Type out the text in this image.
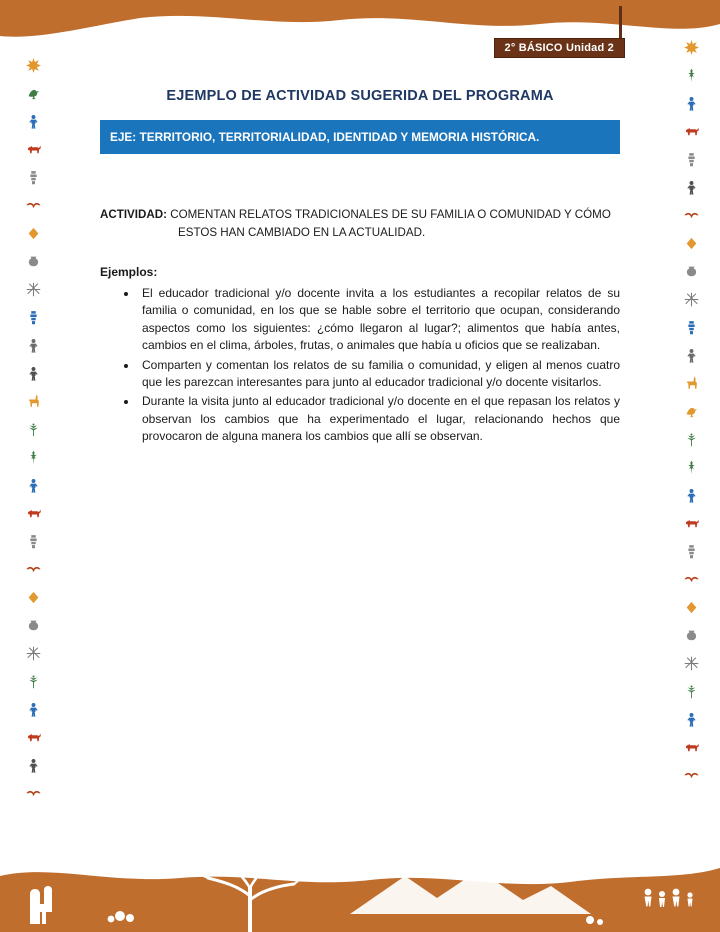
2° BÁSICO Unidad 2
EJEMPLO DE ACTIVIDAD SUGERIDA DEL PROGRAMA
EJE: TERRITORIO, TERRITORIALIDAD, IDENTIDAD Y MEMORIA HISTÓRICA.

ACTIVIDAD: COMENTAN RELATOS TRADICIONALES DE SU FAMILIA O COMUNIDAD Y CÓMO ESTOS HAN CAMBIADO EN LA ACTUALIDAD.

Ejemplos:

• El educador tradicional y/o docente invita a los estudiantes a recopilar relatos de su familia o comunidad, en los que se hable sobre el territorio que ocupan, considerando aspectos como los siguientes: ¿cómo llegaron al lugar?; alimentos que había antes, cambios en el clima, árboles, frutas, o animales que había u oficios que se realizaban.
• Comparten y comentan los relatos de su familia o comunidad, y eligen al menos cuatro que les parezcan interesantes para junto al educador tradicional y/o docente visitarlos.
• Durante la visita junto al educador tradicional y/o docente en el que repasan los relatos y observan los cambios que ha experimentado el lugar, relacionando hechos que provocaron de alguna manera los cambios que allí se observan.
